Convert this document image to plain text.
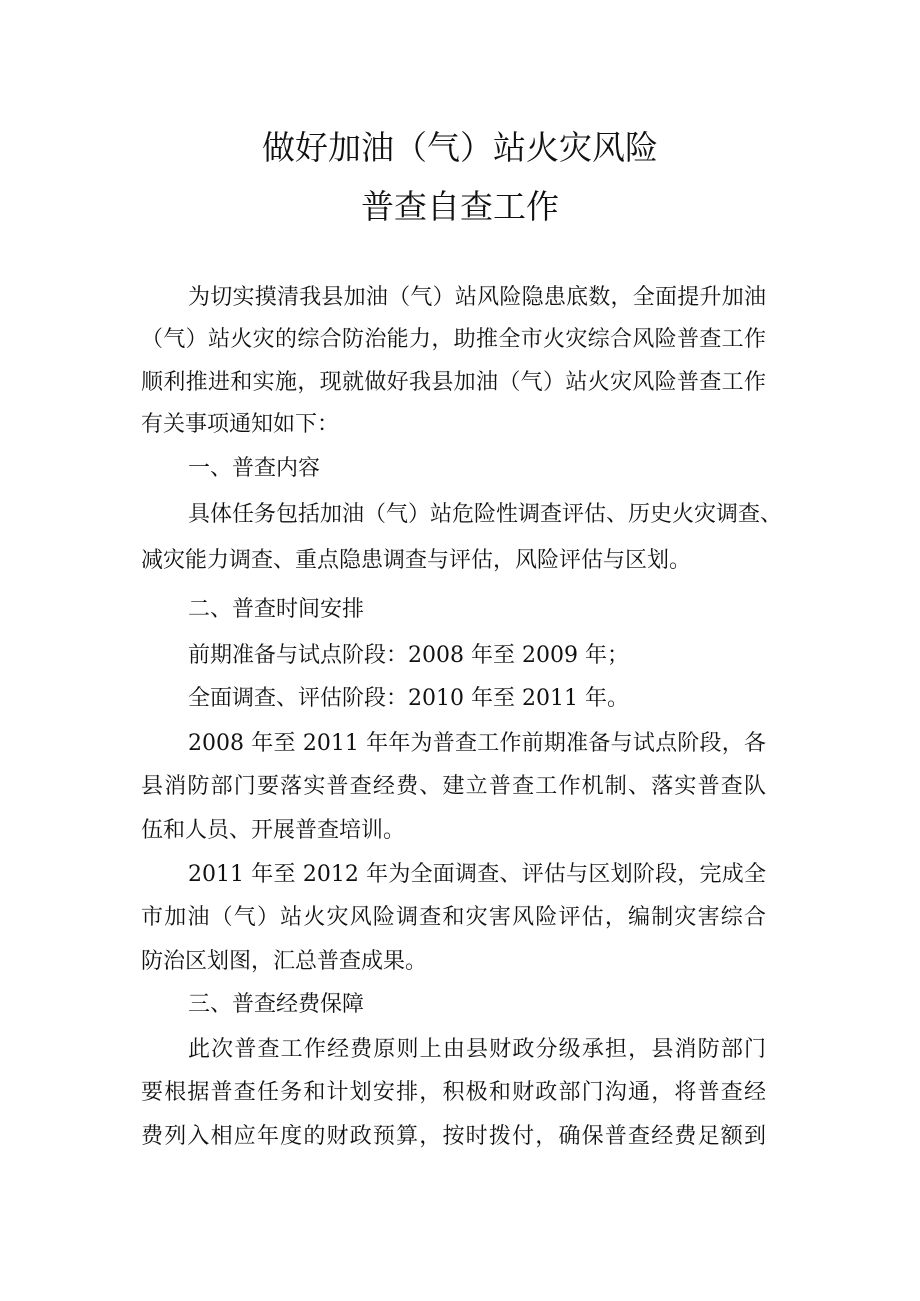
做好加油（气）站火灾风险
普查自查工作
为切实摸清我县加油（气）站风险隐患底数，全面提升加油
（气）站火灾的综合防治能力，助推全市火灾综合风险普查工作
顺利推进和实施，现就做好我县加油（气）站火灾风险普查工作
有关事项通知如下：
一、普查内容
具体任务包括加油（气）站危险性调查评估、历史火灾调查、
减灾能力调查、重点隐患调查与评估，风险评估与区划。
二、普查时间安排
前期准备与试点阶段：2008 年至 2009 年；
全面调查、评估阶段：2010 年至 2011 年。
2008 年至 2011 年年为普查工作前期准备与试点阶段，各
县消防部门要落实普查经费、建立普查工作机制、落实普查队
伍和人员、开展普查培训。
2011 年至 2012 年为全面调查、评估与区划阶段，完成全
市加油（气）站火灾风险调查和灾害风险评估，编制灾害综合
防治区划图，汇总普查成果。
三、普查经费保障
此次普查工作经费原则上由县财政分级承担，县消防部门
要根据普查任务和计划安排，积极和财政部门沟通，将普查经
费列入相应年度的财政预算，按时拨付，确保普查经费足额到
